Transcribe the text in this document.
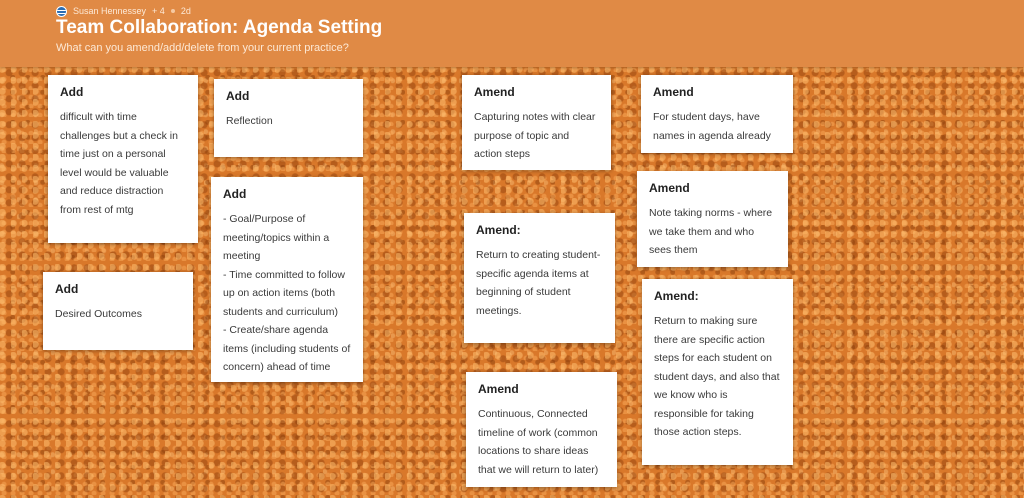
Susan Hennessey + 4 2d
Team Collaboration: Agenda Setting
What can you amend/add/delete from your current practice?
Add
difficult with time challenges but a check in time just on a personal level would be valuable and reduce distraction from rest of mtg
Add
Desired Outcomes
Add
Reflection
Add
- Goal/Purpose of meeting/topics within a meeting
- Time committed to follow up on action items (both students and curriculum)
- Create/share agenda items (including students of concern) ahead of time
Amend
Capturing notes with clear purpose of topic and action steps
Amend:
Return to creating student-specific agenda items at beginning of student meetings.
Amend
Continuous, Connected timeline of work (common locations to share ideas that we will return to later)
Amend
For student days, have names in agenda already
Amend
Note taking norms - where we take them and who sees them
Amend:
Return to making sure there are specific action steps for each student on student days, and also that we know who is responsible for taking those action steps.
